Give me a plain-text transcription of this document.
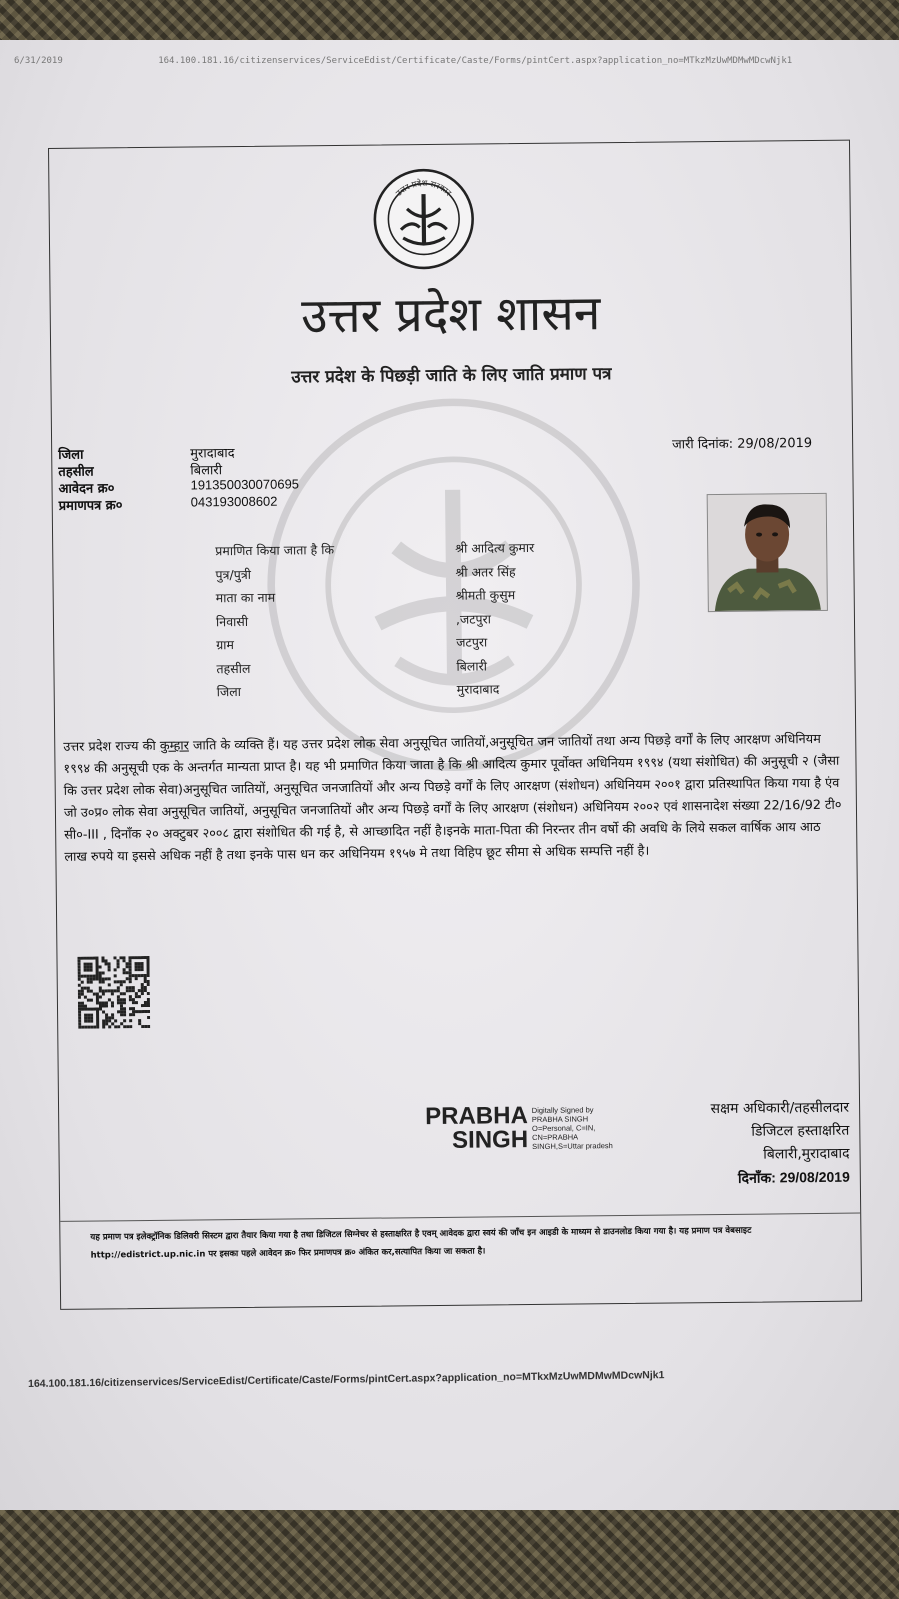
6/31/2019	164.100.181.16/citizenservices/ServiceEdist/Certificate/Caste/Forms/pintCert.aspx?application_no=MTkzMzUwMDMwMDcwNjk1
उत्तर प्रदेश सरकार
उत्तर प्रदेश शासन
उत्तर प्रदेश के पिछड़ी जाति के लिए जाति प्रमाण पत्र
जिला	मुरादाबाद
तहसील	बिलारी
आवेदन क्र०	191350030070695
प्रमाणपत्र क्र०	043193008602
जारी दिनांक: 29/08/2019
प्रमाणित किया जाता है कि	श्री आदित्य कुमार
पुत्र/पुत्री	श्री अतर सिंह
माता का नाम	श्रीमती कुसुम
निवासी	,जटपुरा
ग्राम	जटपुरा
तहसील	बिलारी
जिला	मुरादाबाद
उत्तर प्रदेश राज्य की कुम्हार जाति के व्यक्ति हैं। यह उत्तर प्रदेश लोक सेवा अनुसूचित जातियों,अनुसूचित जन जातियों तथा अन्य पिछड़े वर्गों के लिए आरक्षण अधिनियम १९९४ की अनुसूची एक के अन्तर्गत मान्यता प्राप्त है। यह भी प्रमाणित किया जाता है कि श्री आदित्य कुमार पूर्वोक्त अधिनियम १९९४ (यथा संशोधित) की अनुसूची २ (जैसा कि उत्तर प्रदेश लोक सेवा)अनुसूचित जातियों, अनुसूचित जनजातियों और अन्य पिछड़े वर्गों के लिए आरक्षण (संशोधन) अधिनियम २००१ द्वारा प्रतिस्थापित किया गया है एंव जो उ०प्र० लोक सेवा अनुसूचित जातियों, अनुसूचित जनजातियों और अन्य पिछड़े वर्गों के लिए आरक्षण (संशोधन) अधिनियम २००२ एवं शासनादेश संख्या 22/16/92 टी० सी०-III , दिनाँक २० अक्टुबर २००८ द्वारा संशोधित की गई है, से आच्छादित नहीं है।इनके माता-पिता की निरन्तर तीन वर्षो की अवधि के लिये सकल वार्षिक आय आठ लाख रुपये या इससे अधिक नहीं है तथा इनके पास धन कर अधिनियम १९५७ मे तथा विहिप छूट सीमा से अधिक सम्पत्ति नहीं है।
PRABHA
SINGH
Digitally Signed by
PRABHA SINGH
O=Personal, C=IN,
CN=PRABHA
SINGH,S=Uttar pradesh
सक्षम अधिकारी/तहसीलदार
डिजिटल हस्ताक्षरित
बिलारी,मुरादाबाद
दिनाँक: 29/08/2019
यह प्रमाण पत्र इलेक्ट्रॉनिक डिलिवरी सिस्टम द्वारा तैयार किया गया है तथा डिजिटल सिग्नेचर से हस्ताक्षरित है एवम् आवेदक द्वारा स्वयं की जाँच इन आइडी के माध्यम से डाउनलोड किया गया है। यह प्रमाण पत्र वेबसाइट http://edistrict.up.nic.in पर इसका पहले आवेदन क्र० फिर प्रमाणपत्र क्र० अंकित कर,सत्यापित किया जा सकता है।
164.100.181.16/citizenservices/ServiceEdist/Certificate/Caste/Forms/pintCert.aspx?application_no=MTkxMzUwMDMwMDcwNjk1
